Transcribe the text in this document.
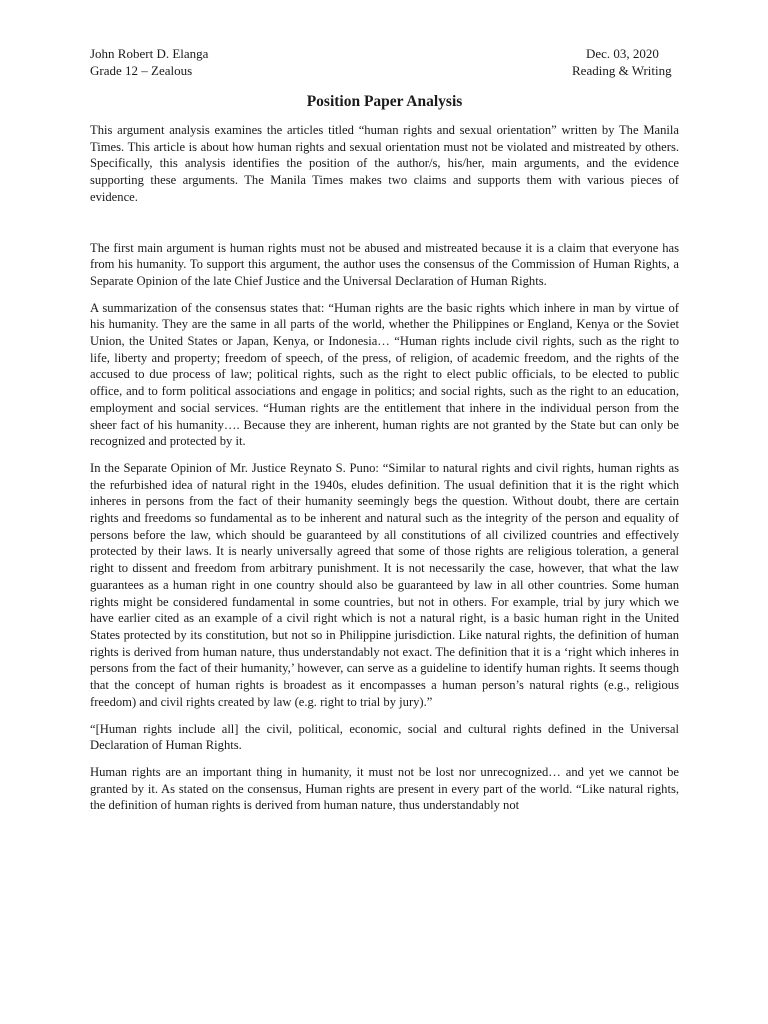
John Robert D. Elanga
Grade 12 – Zealous
Dec. 03, 2020
Reading & Writing
Position Paper Analysis

This argument analysis examines the articles titled “human rights and sexual orientation” written by The Manila Times. This article is about how human rights and sexual orientation must not be violated and mistreated by others. Specifically, this analysis identifies the position of the author/s, his/her, main arguments, and the evidence supporting these arguments. The Manila Times makes two claims and supports them with various pieces of evidence.

The first main argument is human rights must not be abused and mistreated because it is a claim that everyone has from his humanity. To support this argument, the author uses the consensus of the Commission of Human Rights, a Separate Opinion of the late Chief Justice and the Universal Declaration of Human Rights.

A summarization of the consensus states that: “Human rights are the basic rights which inhere in man by virtue of his humanity. They are the same in all parts of the world, whether the Philippines or England, Kenya or the Soviet Union, the United States or Japan, Kenya, or Indonesia… “Human rights include civil rights, such as the right to life, liberty and property; freedom of speech, of the press, of religion, of academic freedom, and the rights of the accused to due process of law; political rights, such as the right to elect public officials, to be elected to public office, and to form political associations and engage in politics; and social rights, such as the right to an education, employment and social services. “Human rights are the entitlement that inhere in the individual person from the sheer fact of his humanity…. Because they are inherent, human rights are not granted by the State but can only be recognized and protected by it.

In the Separate Opinion of Mr. Justice Reynato S. Puno: “Similar to natural rights and civil rights, human rights as the refurbished idea of natural right in the 1940s, eludes definition. The usual definition that it is the right which inheres in persons from the fact of their humanity seemingly begs the question. Without doubt, there are certain rights and freedoms so fundamental as to be inherent and natural such as the integrity of the person and equality of persons before the law, which should be guaranteed by all constitutions of all civilized countries and effectively protected by their laws. It is nearly universally agreed that some of those rights are religious toleration, a general right to dissent and freedom from arbitrary punishment. It is not necessarily the case, however, that what the law guarantees as a human right in one country should also be guaranteed by law in all other countries. Some human rights might be considered fundamental in some countries, but not in others. For example, trial by jury which we have earlier cited as an example of a civil right which is not a natural right, is a basic human right in the United States protected by its constitution, but not so in Philippine jurisdiction. Like natural rights, the definition of human rights is derived from human nature, thus understandably not exact. The definition that it is a ‘right which inheres in persons from the fact of their humanity,’ however, can serve as a guideline to identify human rights. It seems though that the concept of human rights is broadest as it encompasses a human person’s natural rights (e.g., religious freedom) and civil rights created by law (e.g. right to trial by jury).”

“[Human rights include all] the civil, political, economic, social and cultural rights defined in the Universal Declaration of Human Rights.

Human rights are an important thing in humanity, it must not be lost nor unrecognized… and yet we cannot be granted by it. As stated on the consensus, Human rights are present in every part of the world. “Like natural rights, the definition of human rights is derived from human nature, thus understandably not
